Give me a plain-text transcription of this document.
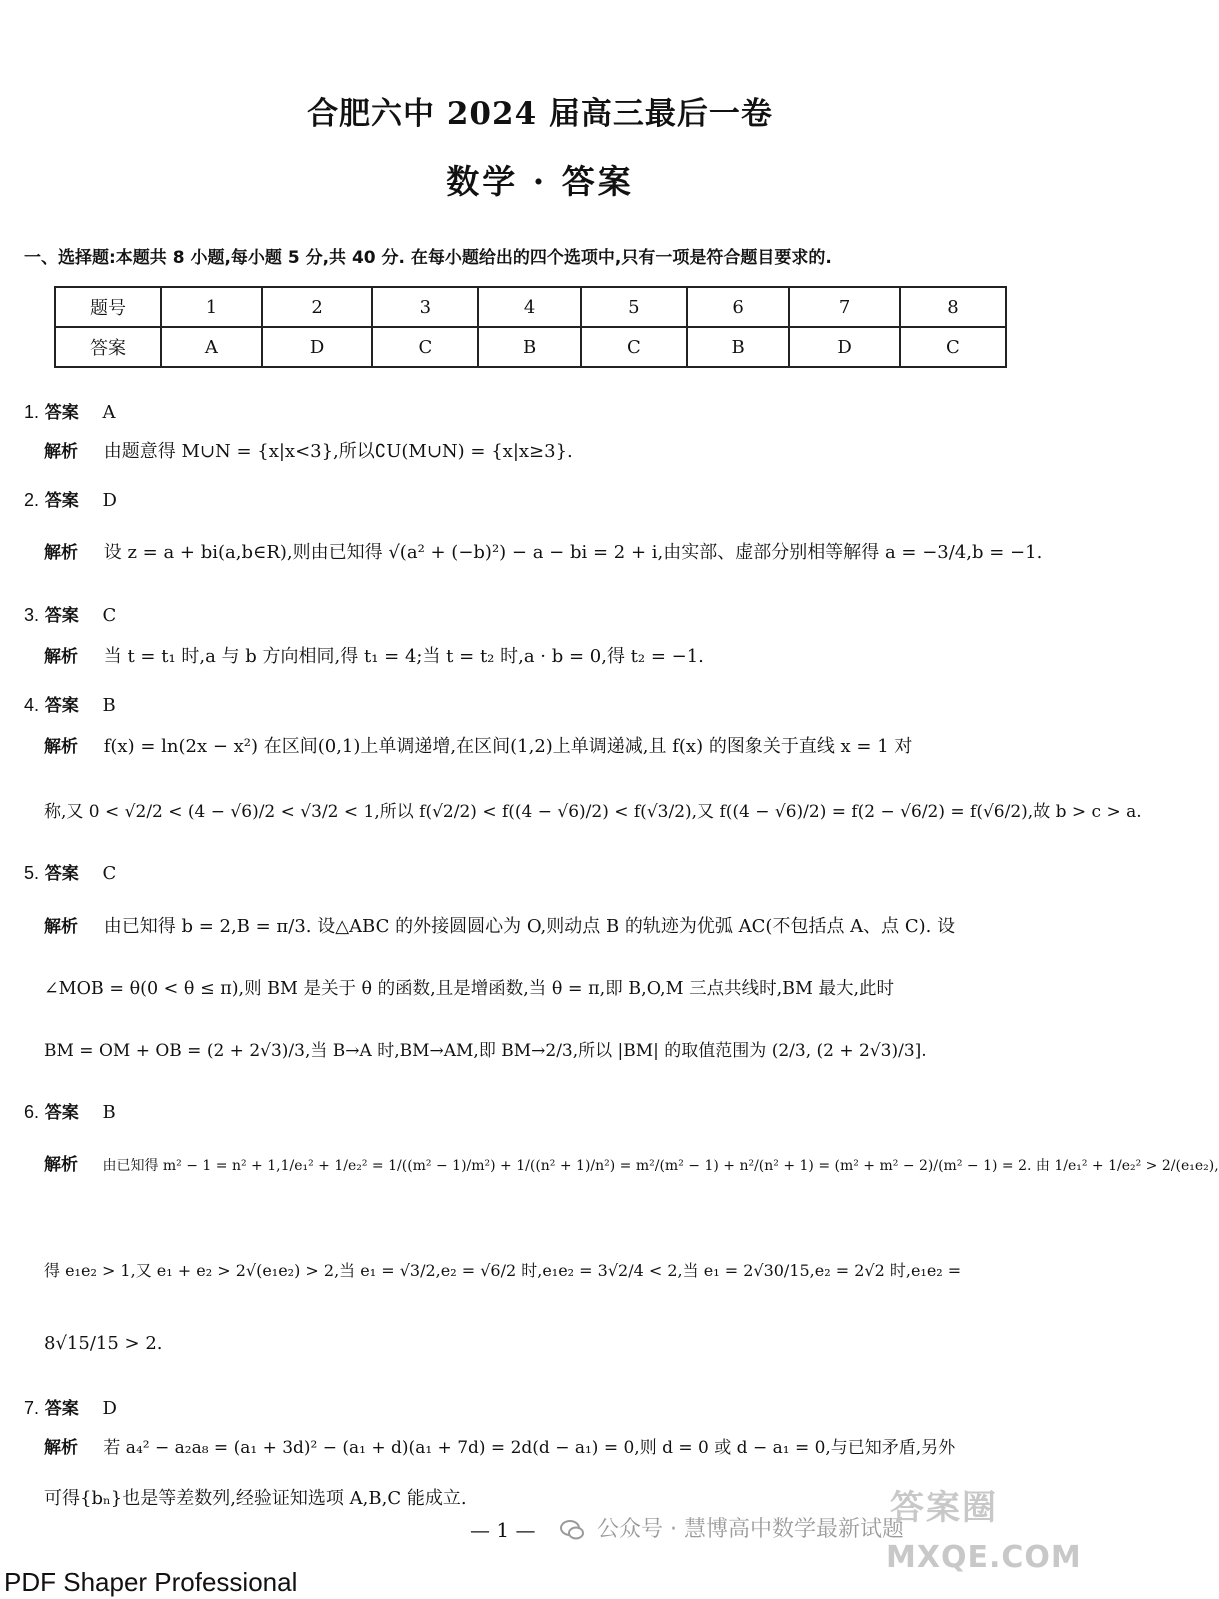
合肥六中 2024 届高三最后一卷
数学 · 答案
一、选择题:本题共 8 小题,每小题 5 分,共 40 分. 在每小题给出的四个选项中,只有一项是符合题目要求的.
题号	1	2	3	4	5	6	7	8
答案	A	D	C	B	C	B	D	C
1. 答案 A
解析 由题意得 M∪N = {x|x<3},所以∁U(M∪N) = {x|x≥3}.
2. 答案 D
解析 设 z = a + bi(a,b∈R),则由已知得 √(a² + (−b)²) − a − bi = 2 + i,由实部、虚部分别相等解得 a = −3/4,b = −1.
3. 答案 C
解析 当 t = t₁ 时,a 与 b 方向相同,得 t₁ = 4;当 t = t₂ 时,a · b = 0,得 t₂ = −1.
4. 答案 B
解析 f(x) = ln(2x − x²) 在区间(0,1)上单调递增,在区间(1,2)上单调递减,且 f(x) 的图象关于直线 x = 1 对
称,又 0 < √2/2 < (4 − √6)/2 < √3/2 < 1,所以 f(√2/2) < f((4 − √6)/2) < f(√3/2),又 f((4 − √6)/2) = f(2 − √6/2) = f(√6/2),故 b > c > a.
5. 答案 C
解析 由已知得 b = 2,B = π/3. 设△ABC 的外接圆圆心为 O,则动点 B 的轨迹为优弧 AC(不包括点 A、点 C). 设
∠MOB = θ(0 < θ ≤ π),则 BM 是关于 θ 的函数,且是增函数,当 θ = π,即 B,O,M 三点共线时,BM 最大,此时
BM = OM + OB = (2 + 2√3)/3,当 B→A 时,BM→AM,即 BM→2/3,所以 |BM| 的取值范围为 (2/3, (2 + 2√3)/3].
6. 答案 B
解析 由已知得 m² − 1 = n² + 1,1/e₁² + 1/e₂² = 1/((m² − 1)/m²) + 1/((n² + 1)/n²) = m²/(m² − 1) + n²/(n² + 1) = (m² + m² − 2)/(m² − 1) = 2. 由 1/e₁² + 1/e₂² > 2/(e₁e₂),
得 e₁e₂ > 1,又 e₁ + e₂ > 2√(e₁e₂) > 2,当 e₁ = √3/2,e₂ = √6/2 时,e₁e₂ = 3√2/4 < 2,当 e₁ = 2√30/15,e₂ = 2√2 时,e₁e₂ =
8√15/15 > 2.
7. 答案 D
解析 若 a₄² − a₂a₈ = (a₁ + 3d)² − (a₁ + d)(a₁ + 7d) = 2d(d − a₁) = 0,则 d = 0 或 d − a₁ = 0,与已知矛盾,另外
可得{bₙ}也是等差数列,经验证知选项 A,B,C 能成立.
— 1 —	公众号 · 慧博高中数学最新试题
答案圈
MXQE.COM
PDF Shaper Professional
